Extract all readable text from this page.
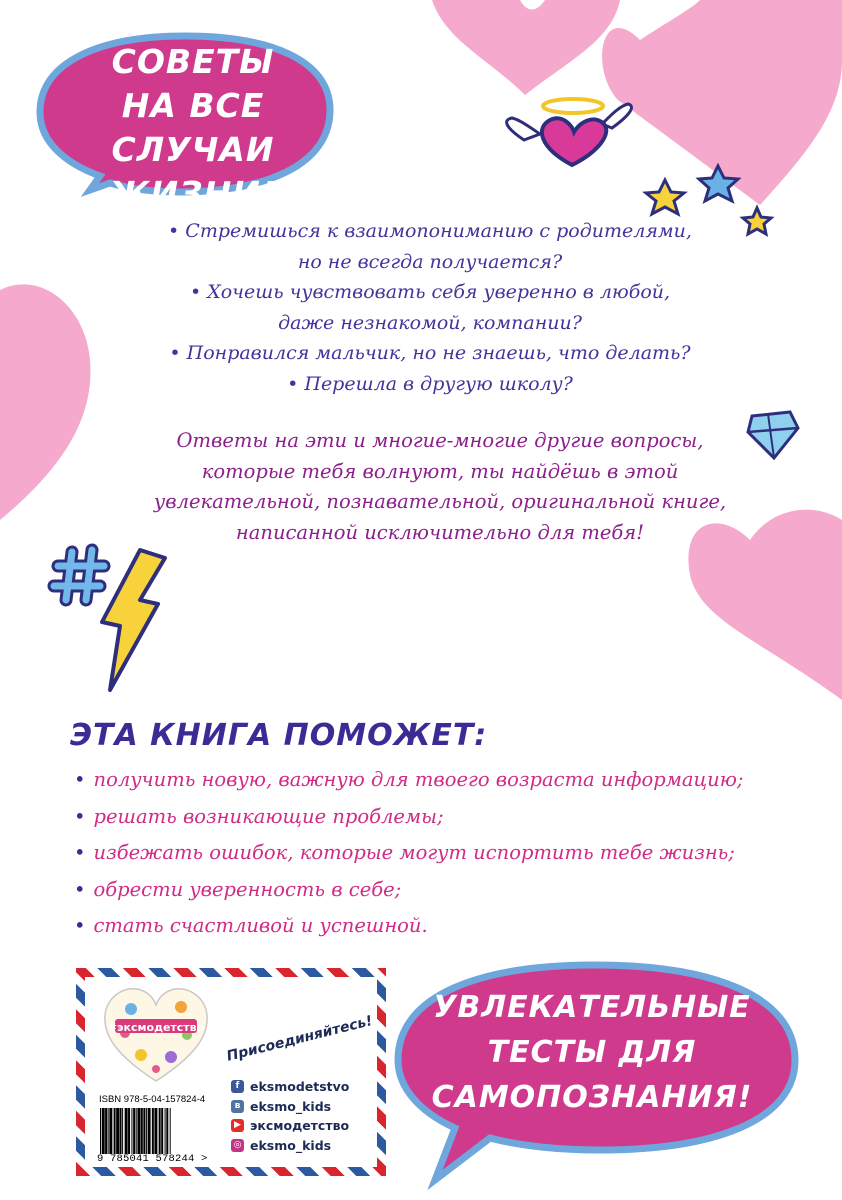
СОВЕТЫ
НА ВСЕ СЛУЧАИ
ЖИЗНИ!
• Стремишься к взаимопониманию с родителями,
но не всегда получается?
• Хочешь чувствовать себя уверенно в любой,
даже незнакомой, компании?
• Понравился мальчик, но не знаешь, что делать?
• Перешла в другую школу?
Ответы на эти и многие-многие другие вопросы,
которые тебя волнуют, ты найдёшь в этой
увлекательной, познавательной, оригинальной книге,
написанной исключительно для тебя!
ЭТА КНИГА ПОМОЖЕТ:
• получить новую, важную для твоего возраста информацию;
• решать возникающие проблемы;
• избежать ошибок, которые могут испортить тебе жизнь;
• обрести уверенность в себе;
• стать счастливой и успешной.
УВЛЕКАТЕЛЬНЫЕ
ТЕСТЫ ДЛЯ
САМОПОЗНАНИЯ!
#эксмодетство Присоединяйтесь!
ISBN 978-5-04-157824-4
9 785041 578244 >
f eksmodetstvo
в eksmo_kids
▶ эксмодетство
◎ eksmo_kids
